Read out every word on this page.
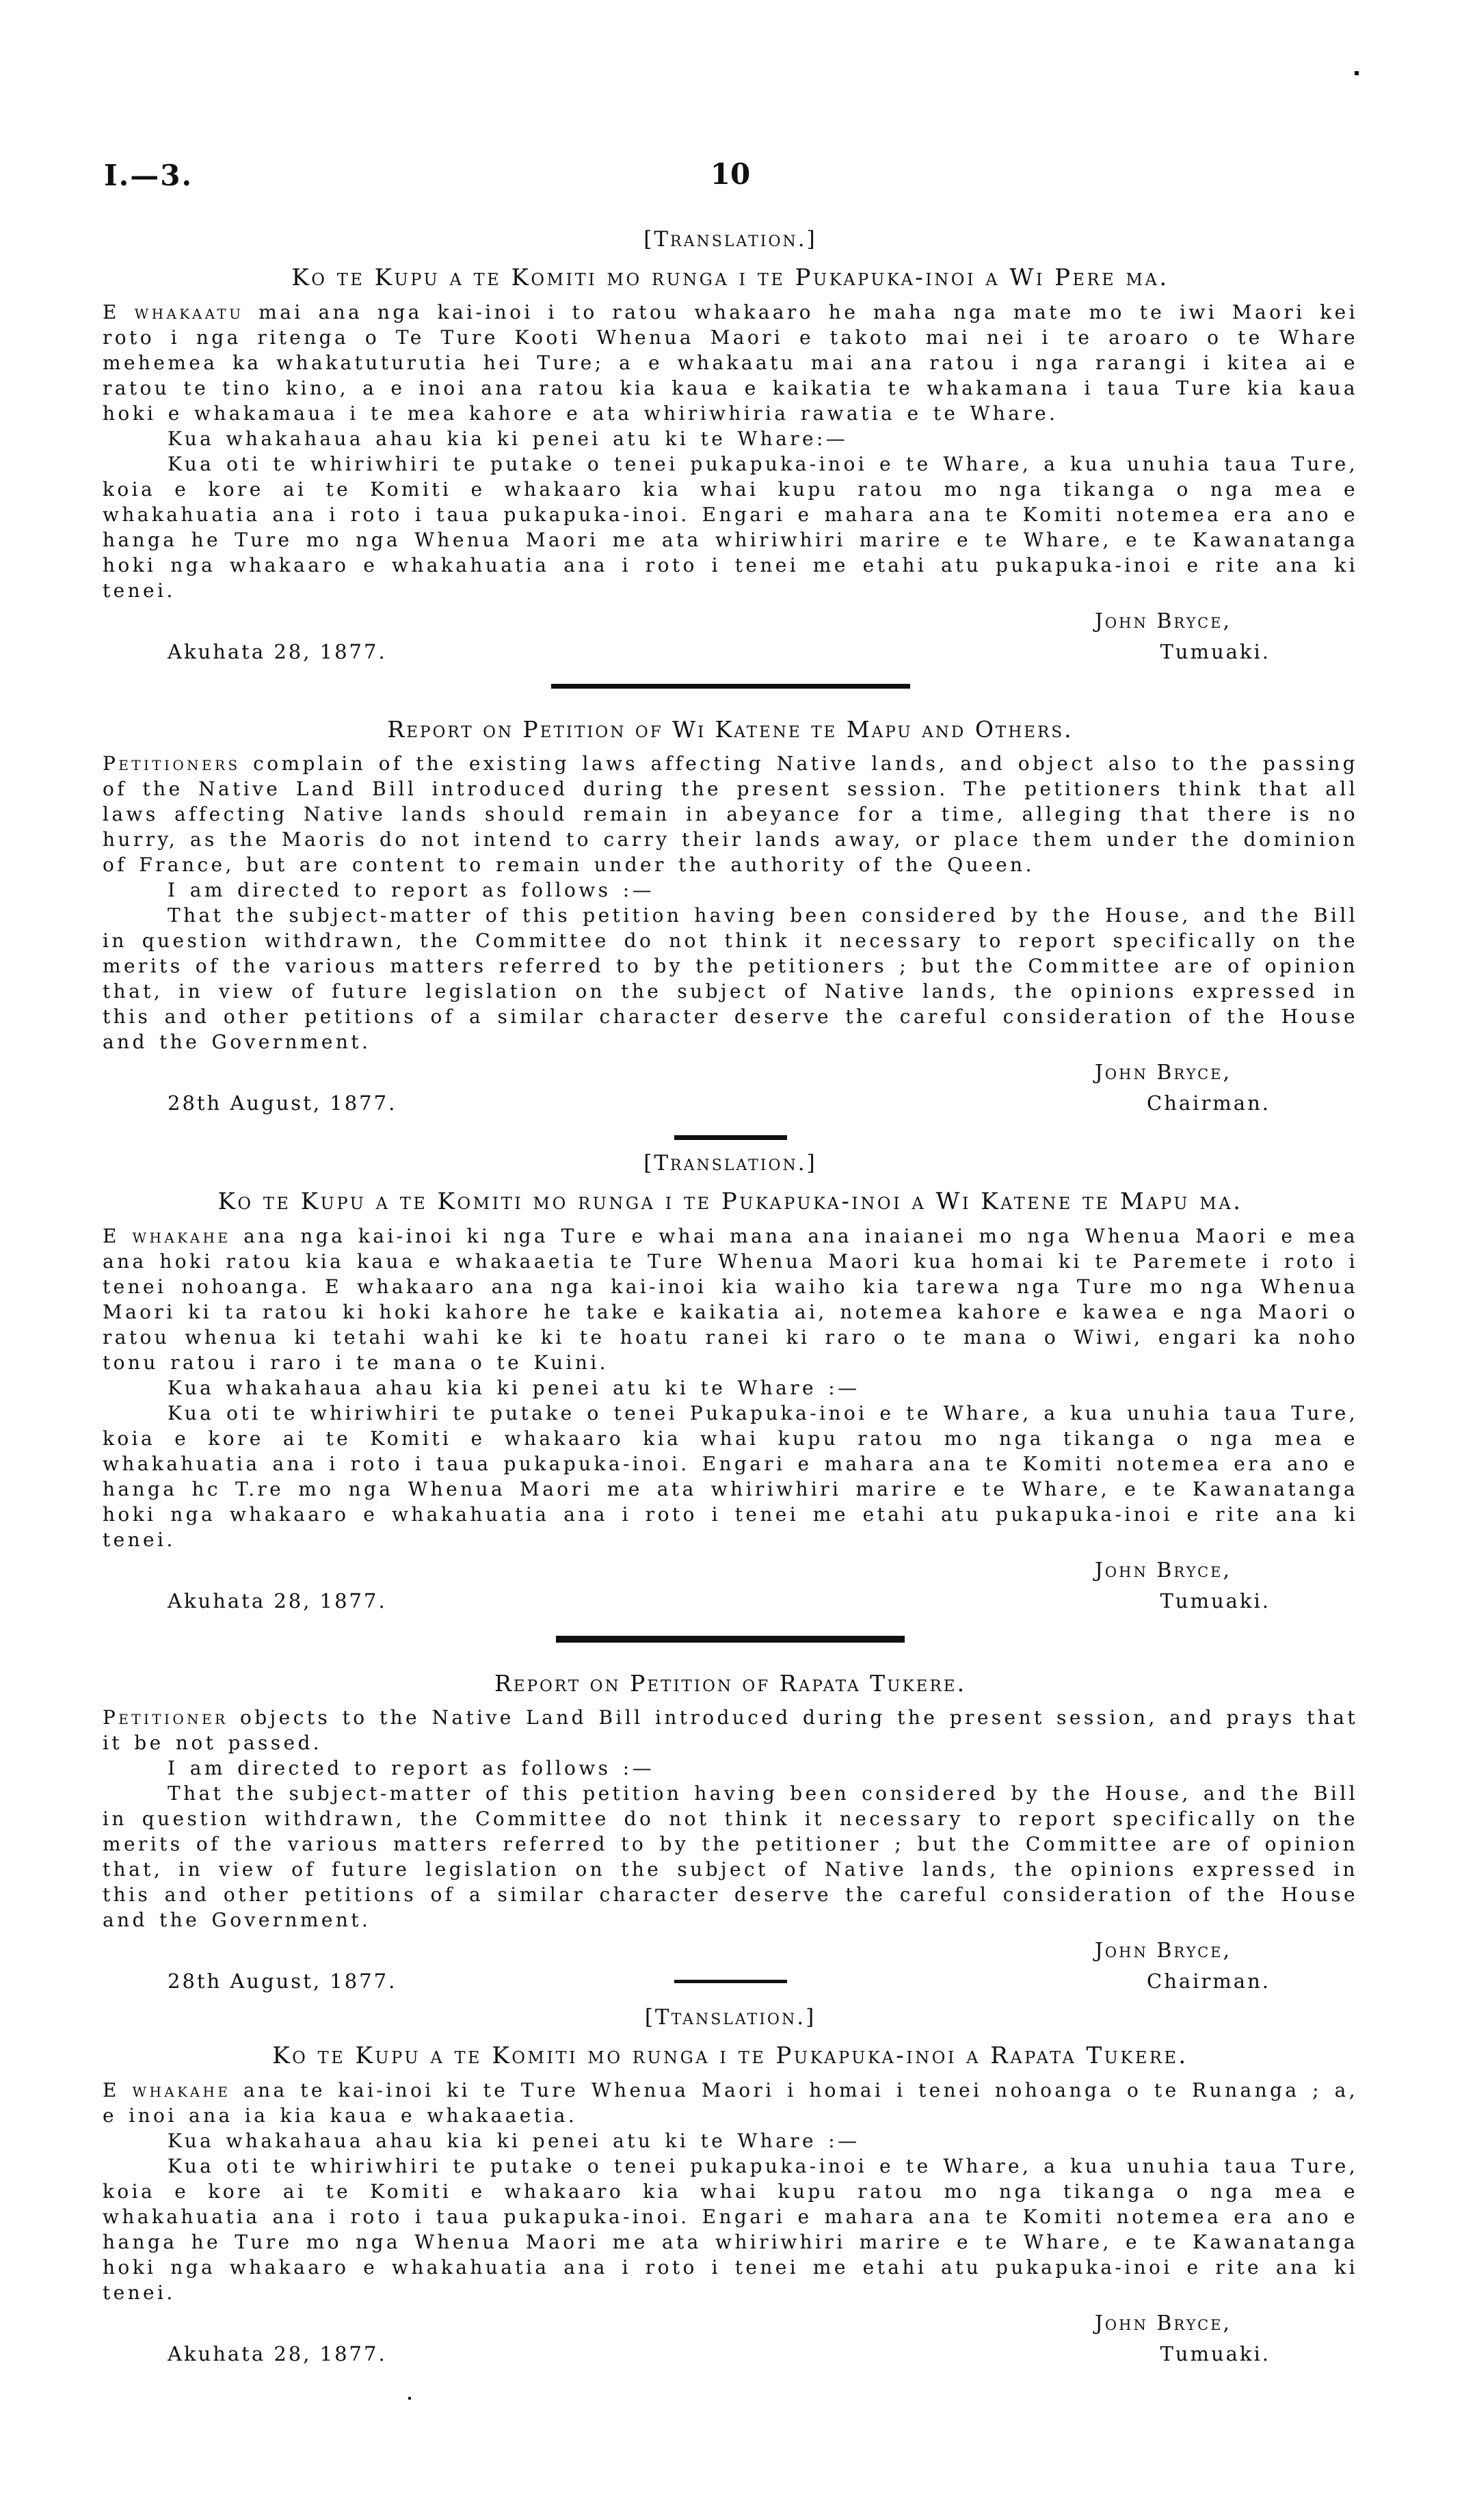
I.—3.	10

[Translation.]

Ko te Kupu a te Komiti mo runga i te Pukapuka-inoi a Wi Pere ma.

E whakaatu mai ana nga kai-inoi i to ratou whakaaro he maha nga mate mo te iwi Maori kei roto i nga ritenga o Te Ture Kooti Whenua Maori e takoto mai nei i te aroaro o te Whare mehemea ka whakatuturutia hei Ture; a e whakaatu mai ana ratou i nga rarangi i kitea ai e ratou te tino kino, a e inoi ana ratou kia kaua e kaikatia te whakamana i taua Ture kia kaua hoki e whakamaua i te mea kahore e ata whiriwhiria rawatia e te Whare.

Kua whakahaua ahau kia ki penei atu ki te Whare:—

Kua oti te whiriwhiri te putake o tenei pukapuka-inoi e te Whare, a kua unuhia taua Ture, koia e kore ai te Komiti e whakaaro kia whai kupu ratou mo nga tikanga o nga mea e whakahuatia ana i roto i taua pukapuka-inoi. Engari e mahara ana te Komiti notemea era ano e hanga he Ture mo nga Whenua Maori me ata whiriwhiri marire e te Whare, e te Kawanatanga hoki nga whakaaro e whakahuatia ana i roto i tenei me etahi atu pukapuka-inoi e rite ana ki tenei.

John Bryce,
Akuhata 28, 1877.	Tumuaki.

Report on Petition of Wi Katene te Mapu and Others.

Petitioners complain of the existing laws affecting Native lands, and object also to the passing of the Native Land Bill introduced during the present session. The petitioners think that all laws affecting Native lands should remain in abeyance for a time, alleging that there is no hurry, as the Maoris do not intend to carry their lands away, or place them under the dominion of France, but are content to remain under the authority of the Queen.

I am directed to report as follows :—

That the subject-matter of this petition having been considered by the House, and the Bill in question withdrawn, the Committee do not think it necessary to report specifically on the merits of the various matters referred to by the petitioners ; but the Committee are of opinion that, in view of future legislation on the subject of Native lands, the opinions expressed in this and other petitions of a similar character deserve the careful consideration of the House and the Government.

John Bryce,
28th August, 1877.	Chairman.

[Translation.]

Ko te Kupu a te Komiti mo runga i te Pukapuka-inoi a Wi Katene te Mapu ma.

E whakahe ana nga kai-inoi ki nga Ture e whai mana ana inaianei mo nga Whenua Maori e mea ana hoki ratou kia kaua e whakaaetia te Ture Whenua Maori kua homai ki te Paremete i roto i tenei nohoanga. E whakaaro ana nga kai-inoi kia waiho kia tarewa nga Ture mo nga Whenua Maori ki ta ratou ki hoki kahore he take e kaikatia ai, notemea kahore e kawea e nga Maori o ratou whenua ki tetahi wahi ke ki te hoatu ranei ki raro o te mana o Wiwi, engari ka noho tonu ratou i raro i te mana o te Kuini.

Kua whakahaua ahau kia ki penei atu ki te Whare :—

Kua oti te whiriwhiri te putake o tenei Pukapuka-inoi e te Whare, a kua unuhia taua Ture, koia e kore ai te Komiti e whakaaro kia whai kupu ratou mo nga tikanga o nga mea e whakahuatia ana i roto i taua pukapuka-inoi. Engari e mahara ana te Komiti notemea era ano e hanga hc T.re mo nga Whenua Maori me ata whiriwhiri marire e te Whare, e te Kawanatanga hoki nga whakaaro e whakahuatia ana i roto i tenei me etahi atu pukapuka-inoi e rite ana ki tenei.

John Bryce,
Akuhata 28, 1877.	Tumuaki.

Report on Petition of Rapata Tukere.

Petitioner objects to the Native Land Bill introduced during the present session, and prays that it be not passed.

I am directed to report as follows :—

That the subject-matter of this petition having been considered by the House, and the Bill in question withdrawn, the Committee do not think it necessary to report specifically on the merits of the various matters referred to by the petitioner ; but the Committee are of opinion that, in view of future legislation on the subject of Native lands, the opinions expressed in this and other petitions of a similar character deserve the careful consideration of the House and the Government.

John Bryce,
28th August, 1877.	Chairman.

[Ttanslation.]

Ko te Kupu a te Komiti mo runga i te Pukapuka-inoi a Rapata Tukere.

E whakahe ana te kai-inoi ki te Ture Whenua Maori i homai i tenei nohoanga o te Runanga ; a, e inoi ana ia kia kaua e whakaaetia.

Kua whakahaua ahau kia ki penei atu ki te Whare :—

Kua oti te whiriwhiri te putake o tenei pukapuka-inoi e te Whare, a kua unuhia taua Ture, koia e kore ai te Komiti e whakaaro kia whai kupu ratou mo nga tikanga o nga mea e whakahuatia ana i roto i taua pukapuka-inoi. Engari e mahara ana te Komiti notemea era ano e hanga he Ture mo nga Whenua Maori me ata whiriwhiri marire e te Whare, e te Kawanatanga hoki nga whakaaro e whakahuatia ana i roto i tenei me etahi atu pukapuka-inoi e rite ana ki tenei.

John Bryce,
Akuhata 28, 1877.	Tumuaki.
